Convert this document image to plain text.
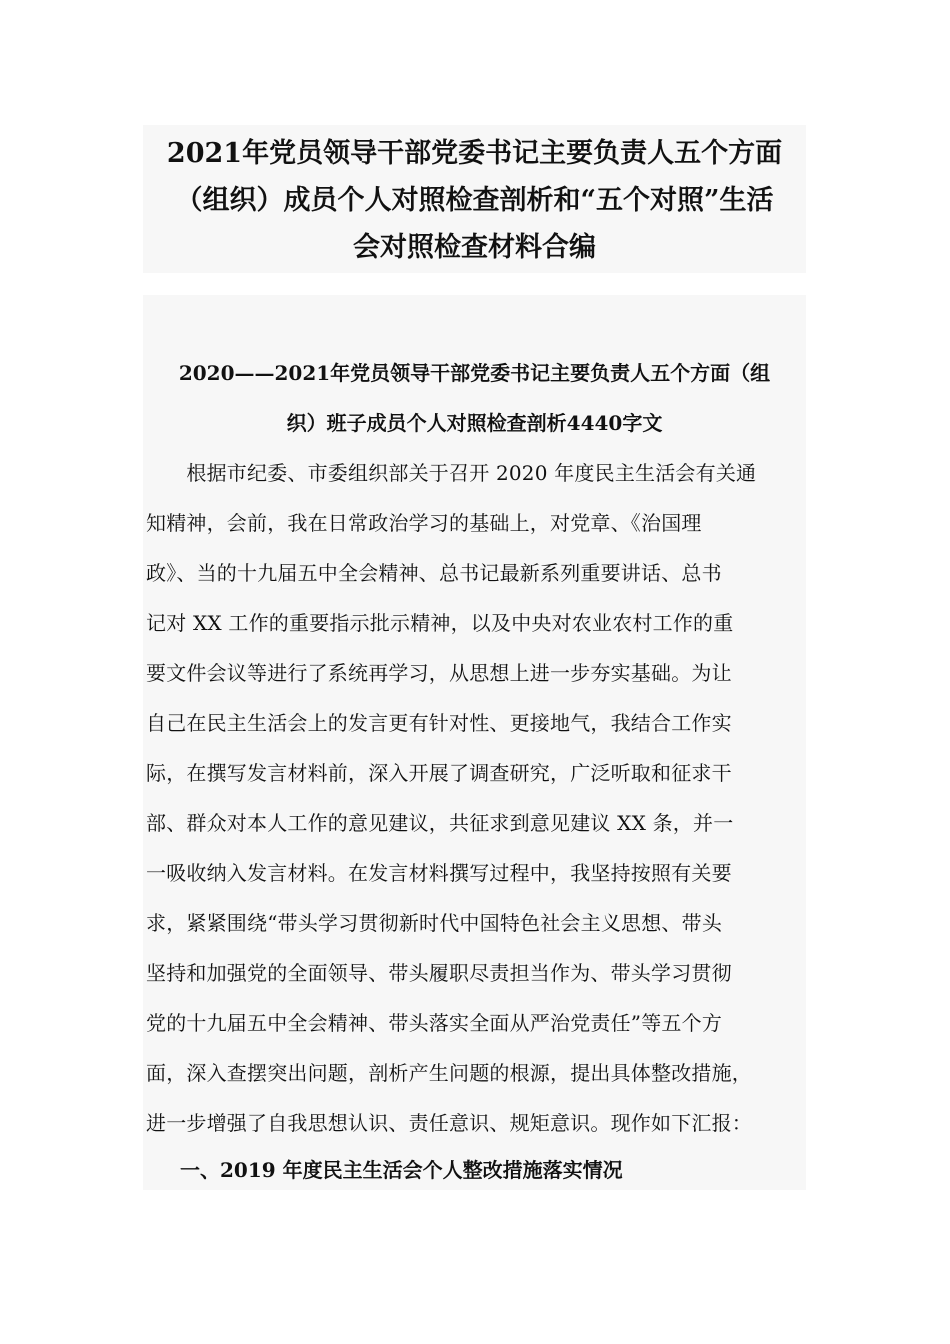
2021年党员领导干部党委书记主要负责人五个方面
（组织）成员个人对照检查剖析和“五个对照”生活
会对照检查材料合编
2020——2021年党员领导干部党委书记主要负责人五个方面（组
织）班子成员个人对照检查剖析4440字文
　　根据市纪委、市委组织部关于召开 2020 年度民主生活会有关通
知精神，会前，我在日常政治学习的基础上，对党章、《治国理
政》、当的十九届五中全会精神、总书记最新系列重要讲话、总书
记对 XX 工作的重要指示批示精神，以及中央对农业农村工作的重
要文件会议等进行了系统再学习，从思想上进一步夯实基础。为让
自己在民主生活会上的发言更有针对性、更接地气，我结合工作实
际，在撰写发言材料前，深入开展了调查研究，广泛听取和征求干
部、群众对本人工作的意见建议，共征求到意见建议 XX 条，并一
一吸收纳入发言材料。在发言材料撰写过程中，我坚持按照有关要
求，紧紧围绕“带头学习贯彻新时代中国特色社会主义思想、带头
坚持和加强党的全面领导、带头履职尽责担当作为、带头学习贯彻
党的十九届五中全会精神、带头落实全面从严治党责任”等五个方
面，深入查摆突出问题，剖析产生问题的根源，提出具体整改措施，
进一步增强了自我思想认识、责任意识、规矩意识。现作如下汇报：
一、2019 年度民主生活会个人整改措施落实情况
